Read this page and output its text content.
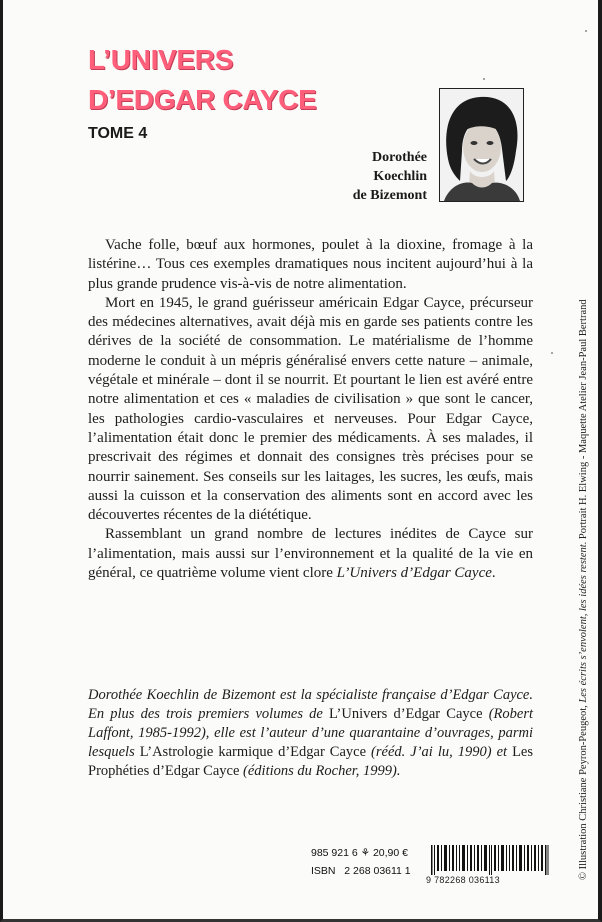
L’UNIVERS
D’EDGAR CAYCE
TOME 4
Dorothée
Koechlin
de Bizemont

Vache folle, bœuf aux hormones, poulet à la dioxine, fromage à la listérine… Tous ces exemples dramatiques nous incitent aujourd’hui à la plus grande prudence vis-à-vis de notre alimentation.

Mort en 1945, le grand guérisseur américain Edgar Cayce, précurseur des médecines alternatives, avait déjà mis en garde ses patients contre les dérives de la société de consommation. Le matérialisme de l’homme moderne le conduit à un mépris généralisé envers cette nature – animale, végétale et minérale – dont il se nourrit. Et pourtant le lien est avéré entre notre alimentation et ces « maladies de civilisation » que sont le cancer, les pathologies cardio-vasculaires et nerveuses. Pour Edgar Cayce, l’alimentation était donc le premier des médicaments. À ses malades, il prescrivait des régimes et donnait des consignes très précises pour se nourrir sainement. Ses conseils sur les laitages, les sucres, les œufs, mais aussi la cuisson et la conservation des aliments sont en accord avec les découvertes récentes de la diététique.

Rassemblant un grand nombre de lectures inédites de Cayce sur l’alimentation, mais aussi sur l’environnement et la qualité de la vie en général, ce quatrième volume vient clore L’Univers d’Edgar Cayce.

Dorothée Koechlin de Bizemont est la spécialiste française d’Edgar Cayce. En plus des trois premiers volumes de L’Univers d’Edgar Cayce (Robert Laffont, 1985-1992), elle est l’auteur d’une quarantaine d’ouvrages, parmi lesquels L’Astrologie karmique d’Edgar Cayce (rééd. J’ai lu, 1990) et Les Prophéties d’Edgar Cayce (éditions du Rocher, 1999).	© Illustration Christiane Peyron-Peugeot, Les écrits s’envolent, les idées restent. Portrait H. Elwing - Maquette Atelier Jean-Paul Bertrand
985 921 6 ⚘ 20,90 €
ISBN 2 268 03611 1
9 782268 036113
